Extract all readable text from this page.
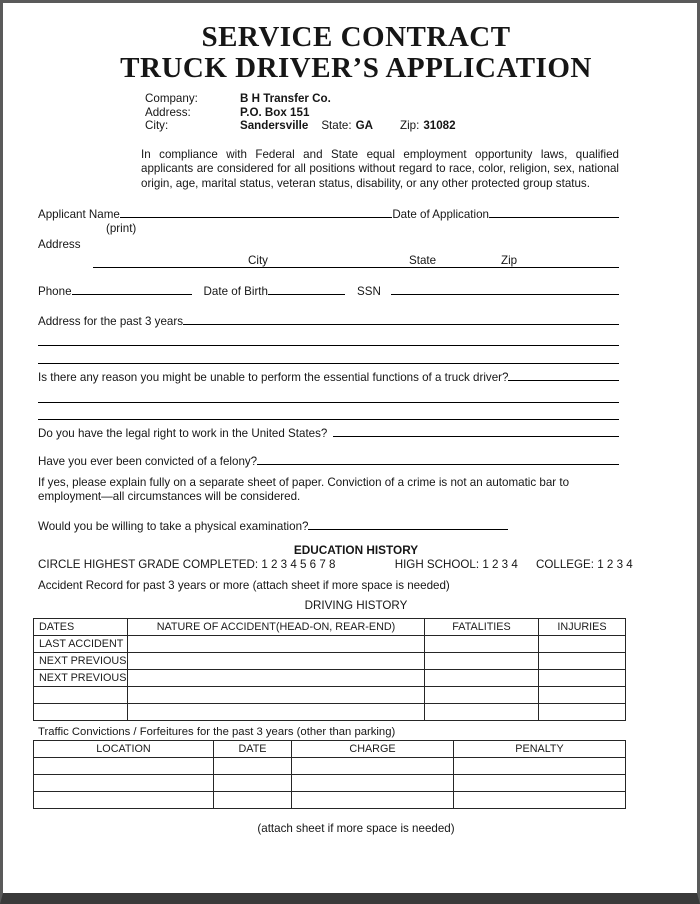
SERVICE CONTRACT
TRUCK DRIVER’S APPLICATION
Company:	B H Transfer Co.
Address:	P.O. Box 151
City:	Sandersville State: GA Zip: 31082

In compliance with Federal and State equal employment opportunity laws, qualified applicants are considered for all positions without regard to race, color, religion, sex, national origin, age, marital status, veteran status, disability, or any other protected group status.

Applicant Name	Date of Application
(print)
Address
City	State	Zip
Phone	Date of Birth	SSN
Address for the past 3 years
Is there any reason you might be unable to perform the essential functions of a truck driver?
Do you have the legal right to work in the United States?
Have you ever been convicted of a felony?

If yes, please explain fully on a separate sheet of paper. Conviction of a crime is not an automatic bar to employment—all circumstances will be considered.

Would you be willing to take a physical examination?
EDUCATION HISTORY
CIRCLE HIGHEST GRADE COMPLETED: 1 2 3 4 5 6 7 8	HIGH SCHOOL: 1 2 3 4 COLLEGE: 1 2 3 4
Accident Record for past 3 years or more (attach sheet if more space is needed)
DRIVING HISTORY
DATES	NATURE OF ACCIDENT(HEAD-ON, REAR-END)	FATALITIES	INJURIES
LAST ACCIDENT			
NEXT PREVIOUS			
NEXT PREVIOUS			

Traffic Convictions / Forfeitures for the past 3 years (other than parking)
LOCATION	DATE	CHARGE	PENALTY

(attach sheet if more space is needed)
